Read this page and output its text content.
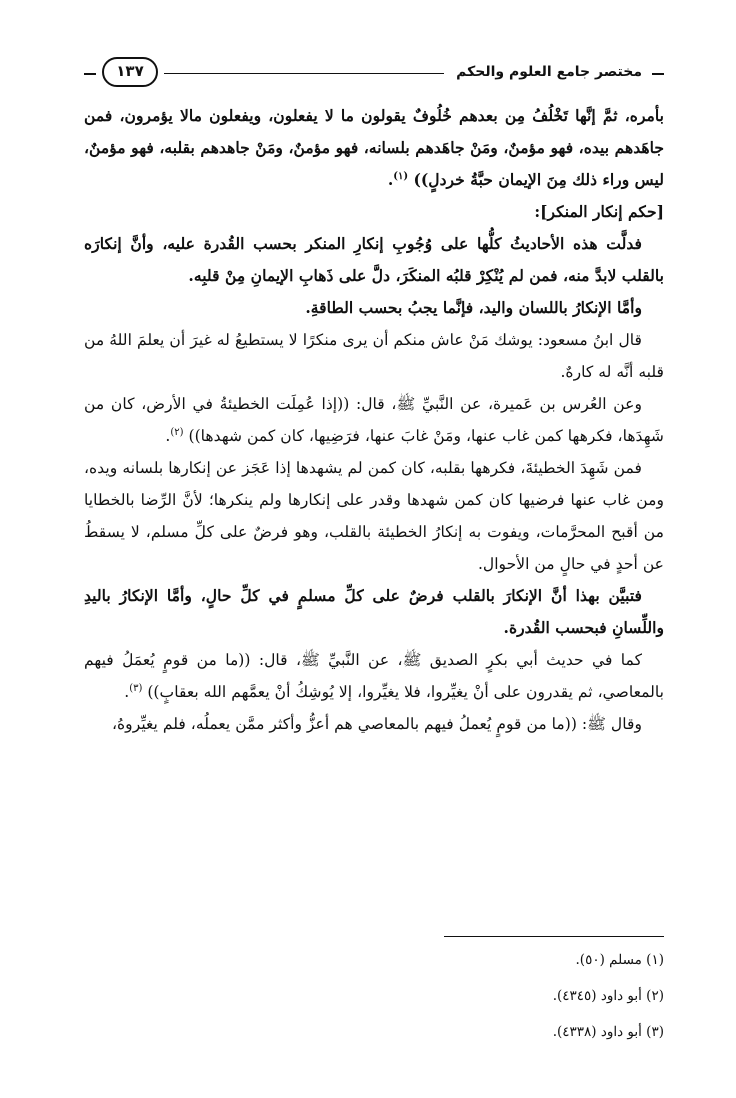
مختصر جامع العلوم والحكم
١٣٧

بأمره، ثمَّ إنَّها تَخْلُفُ مِن بعدهم خُلُوفٌ يقولون ما لا يفعلون، ويفعلون مالا يؤمرون، فمن جاهَدهم بيده، فهو مؤمنٌ، ومَنْ جاهَدهم بلسانه، فهو مؤمنٌ، ومَنْ جاهدهم بقلبه، فهو مؤمنٌ، ليس وراء ذلك مِنَ الإيمان حبَّةُ خردلٍ)) $^{(١)}$.

[حكم إنكار المنكر]:

فدلَّت هذه الأحاديثُ كلُّها على وُجُوبِ إنكارِ المنكر بحسب القُدرة عليه، وأنَّ إنكارَه بالقلب لابدَّ منه، فمن لم يُنْكِرْ قلبُه المنكَرَ، دلَّ على ذَهابِ الإيمانِ مِنْ قلبِه.

وأمَّا الإنكارُ باللسان واليد، فإنَّما يجبُ بحسب الطاقةِ.

قال ابنُ مسعود: يوشك مَنْ عاش منكم أن يرى منكرًا لا يستطيعُ له غيرَ أن يعلمَ اللهُ من قلبه أنَّه له كارهٌ.

وعن العُرس بن عَميرة، عن النَّبيِّ ﷺ، قال: ((إذا عُمِلَت الخطيئةُ في الأرض، كان من شَهِدَها، فكرهها كمن غاب عنها، ومَنْ غابَ عنها، فرَضِيها، كان كمن شهدها)) $^{(٢)}$.

فمن شَهِدَ الخطيئةَ، فكرهها بقلبه، كان كمن لم يشهدها إذا عَجَز عن إنكارها بلسانه ويده، ومن غاب عنها فرضيها كان كمن شهدها وقدر على إنكارها ولم ينكرها؛ لأنَّ الرِّضا بالخطايا من أقبح المحرَّمات، ويفوت به إنكارُ الخطيئة بالقلب، وهو فرضٌ على كلِّ مسلم، لا يسقطُ عن أحدٍ في حالٍ من الأحوال.

فتبيَّن بهذا أنَّ الإنكارَ بالقلب فرضٌ على كلِّ مسلمٍ في كلِّ حالٍ، وأمَّا الإنكارُ باليدِ واللِّسانِ فبحسب القُدرة.

كما في حديث أبي بكرٍ الصديق ﷺ، عن النَّبيِّ ﷺ، قال: ((ما من قومٍ يُعمَلُ فيهم بالمعاصي، ثم يقدرون على أنْ يغيِّروا، فلا يغيِّروا، إلا يُوشِكُ أنْ يعمَّهم الله بعقابٍ)) $^{(٣)}$.

وقال ﷺ: ((ما من قومٍ يُعملُ فيهم بالمعاصي هم أعزُّ وأكثر ممَّن يعملُه، فلم يغيِّروهُ،

(١) مسلم (٥٠).

(٢) أبو داود (٤٣٤٥).

(٣) أبو داود (٤٣٣٨).
